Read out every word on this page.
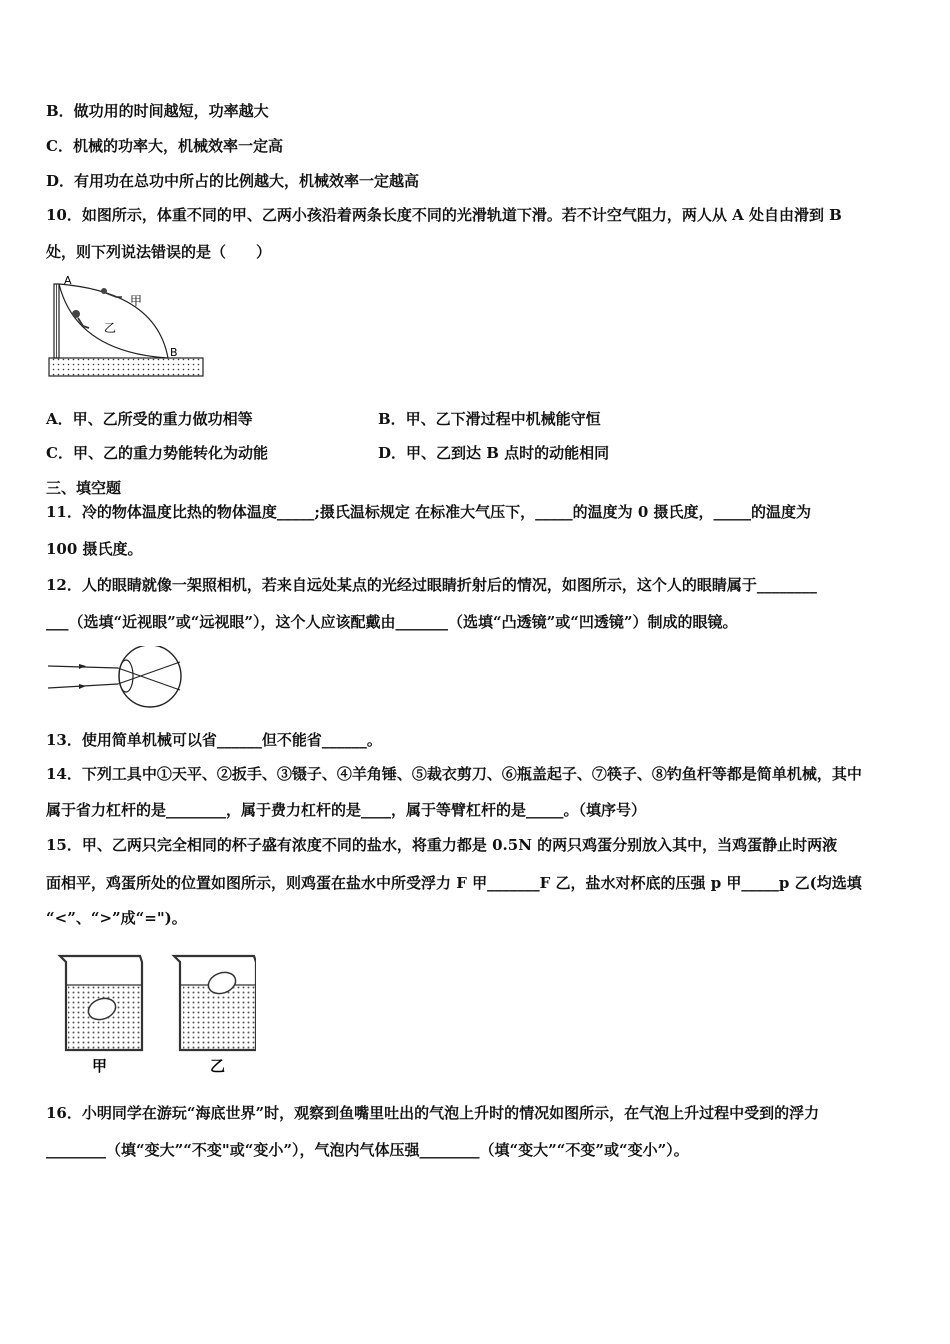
B．做功用的时间越短，功率越大
C．机械的功率大，机械效率一定高
D．有用功在总功中所占的比例越大，机械效率一定越高
10．如图所示，体重不同的甲、乙两小孩沿着两条长度不同的光滑轨道下滑。若不计空气阻力，两人从 A 处自由滑到 B
处，则下列说法错误的是（　　）
A
B
甲
乙
A．甲、乙所受的重力做功相等	B．甲、乙下滑过程中机械能守恒
C．甲、乙的重力势能转化为动能	D．甲、乙到达 B 点时的动能相同
三、填空题
11．冷的物体温度比热的物体温度_____;摄氏温标规定 在标准大气压下，_____的温度为 0 摄氏度，_____的温度为
100 摄氏度。
12．人的眼睛就像一架照相机，若来自远处某点的光经过眼睛折射后的情况，如图所示，这个人的眼睛属于________
___（选填“近视眼”或“远视眼”），这个人应该配戴由_______（选填“凸透镜”或“凹透镜”）制成的眼镜。
13．使用简单机械可以省______但不能省______。
14．下列工具中①天平、②扳手、③镊子、④羊角锤、⑤裁衣剪刀、⑥瓶盖起子、⑦筷子、⑧钓鱼杆等都是简单机械，其中
属于省力杠杆的是________，属于费力杠杆的是____，属于等臂杠杆的是_____。（填序号）
15．甲、乙两只完全相同的杯子盛有浓度不同的盐水，将重力都是 0.5N 的两只鸡蛋分别放入其中，当鸡蛋静止时两液
面相平，鸡蛋所处的位置如图所示，则鸡蛋在盐水中所受浮力 F 甲_______F 乙，盐水对杯底的压强 p 甲_____p 乙(均选填
“<”、“>”成“=")。
甲	乙
16．小明同学在游玩“海底世界”时，观察到鱼嘴里吐出的气泡上升时的情况如图所示，在气泡上升过程中受到的浮力
________（填“变大”“不变"或“变小”），气泡内气体压强________（填“变大”“不变”或“变小”）。
